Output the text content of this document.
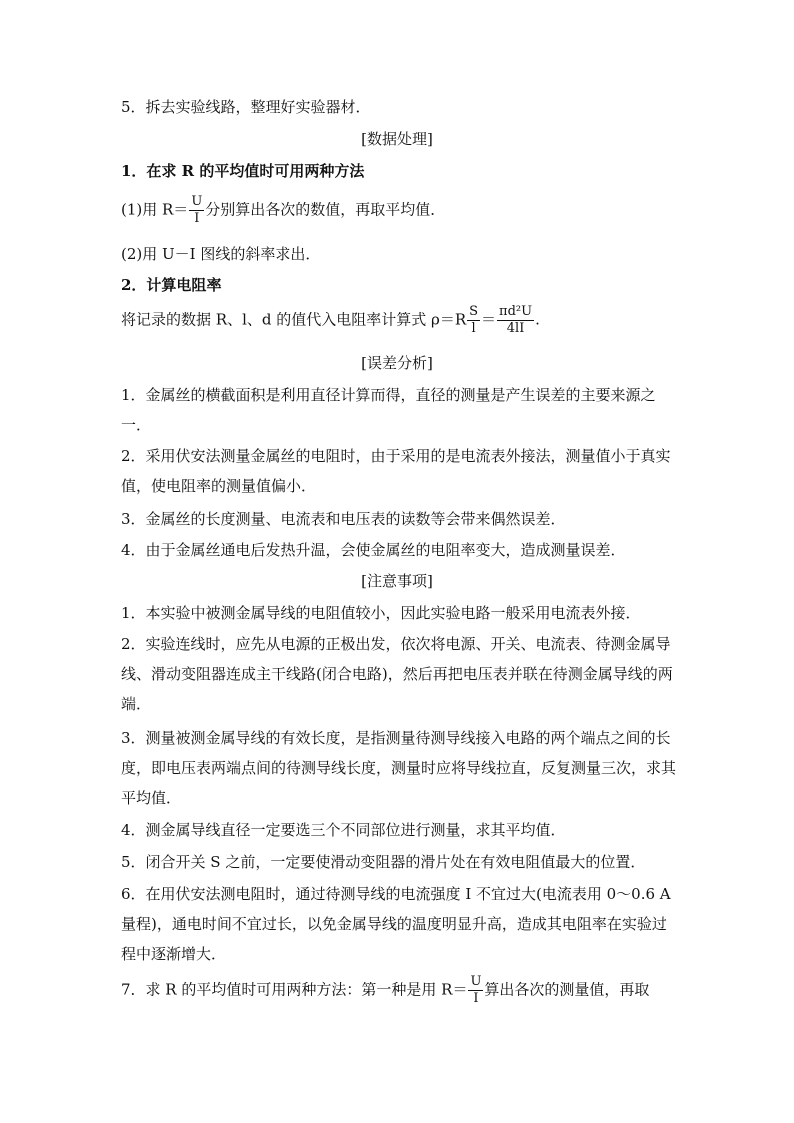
5．拆去实验线路，整理好实验器材．
[数据处理]
1．在求 R 的平均值时可用两种方法
(1)用 $R= \frac{U}{I}$ 分别算出各次的数值，再取平均值．
(2)用 U－I 图线的斜率求出．
2．计算电阻率
将记录的数据 R、l、d 的值代入电阻率计算式 $\rho=R \frac{S}{l} = \frac{\text{πd²U}}{4lI}$ .
[误差分析]
1．金属丝的横截面积是利用直径计算而得，直径的测量是产生误差的主要来源之一．
2．采用伏安法测量金属丝的电阻时，由于采用的是电流表外接法，测量值小于真实值，使电阻率的测量值偏小．
3．金属丝的长度测量、电流表和电压表的读数等会带来偶然误差．
4．由于金属丝通电后发热升温，会使金属丝的电阻率变大，造成测量误差．
[注意事项]
1．本实验中被测金属导线的电阻值较小，因此实验电路一般采用电流表外接．
2．实验连线时，应先从电源的正极出发，依次将电源、开关、电流表、待测金属导线、滑动变阻器连成主干线路(闭合电路)，然后再把电压表并联在待测金属导线的两端．
3．测量被测金属导线的有效长度，是指测量待测导线接入电路的两个端点之间的长度，即电压表两端点间的待测导线长度，测量时应将导线拉直，反复测量三次，求其平均值．
4．测金属导线直径一定要选三个不同部位进行测量，求其平均值．
5．闭合开关 S 之前，一定要使滑动变阻器的滑片处在有效电阻值最大的位置．
6．在用伏安法测电阻时，通过待测导线的电流强度 I 不宜过大(电流表用 0～0.6 A 量程)，通电时间不宜过长，以免金属导线的温度明显升高，造成其电阻率在实验过程中逐渐增大．
7．求 R 的平均值时可用两种方法：第一种是用 $R= \frac{U}{I}$ 算出各次的测量值，再取
